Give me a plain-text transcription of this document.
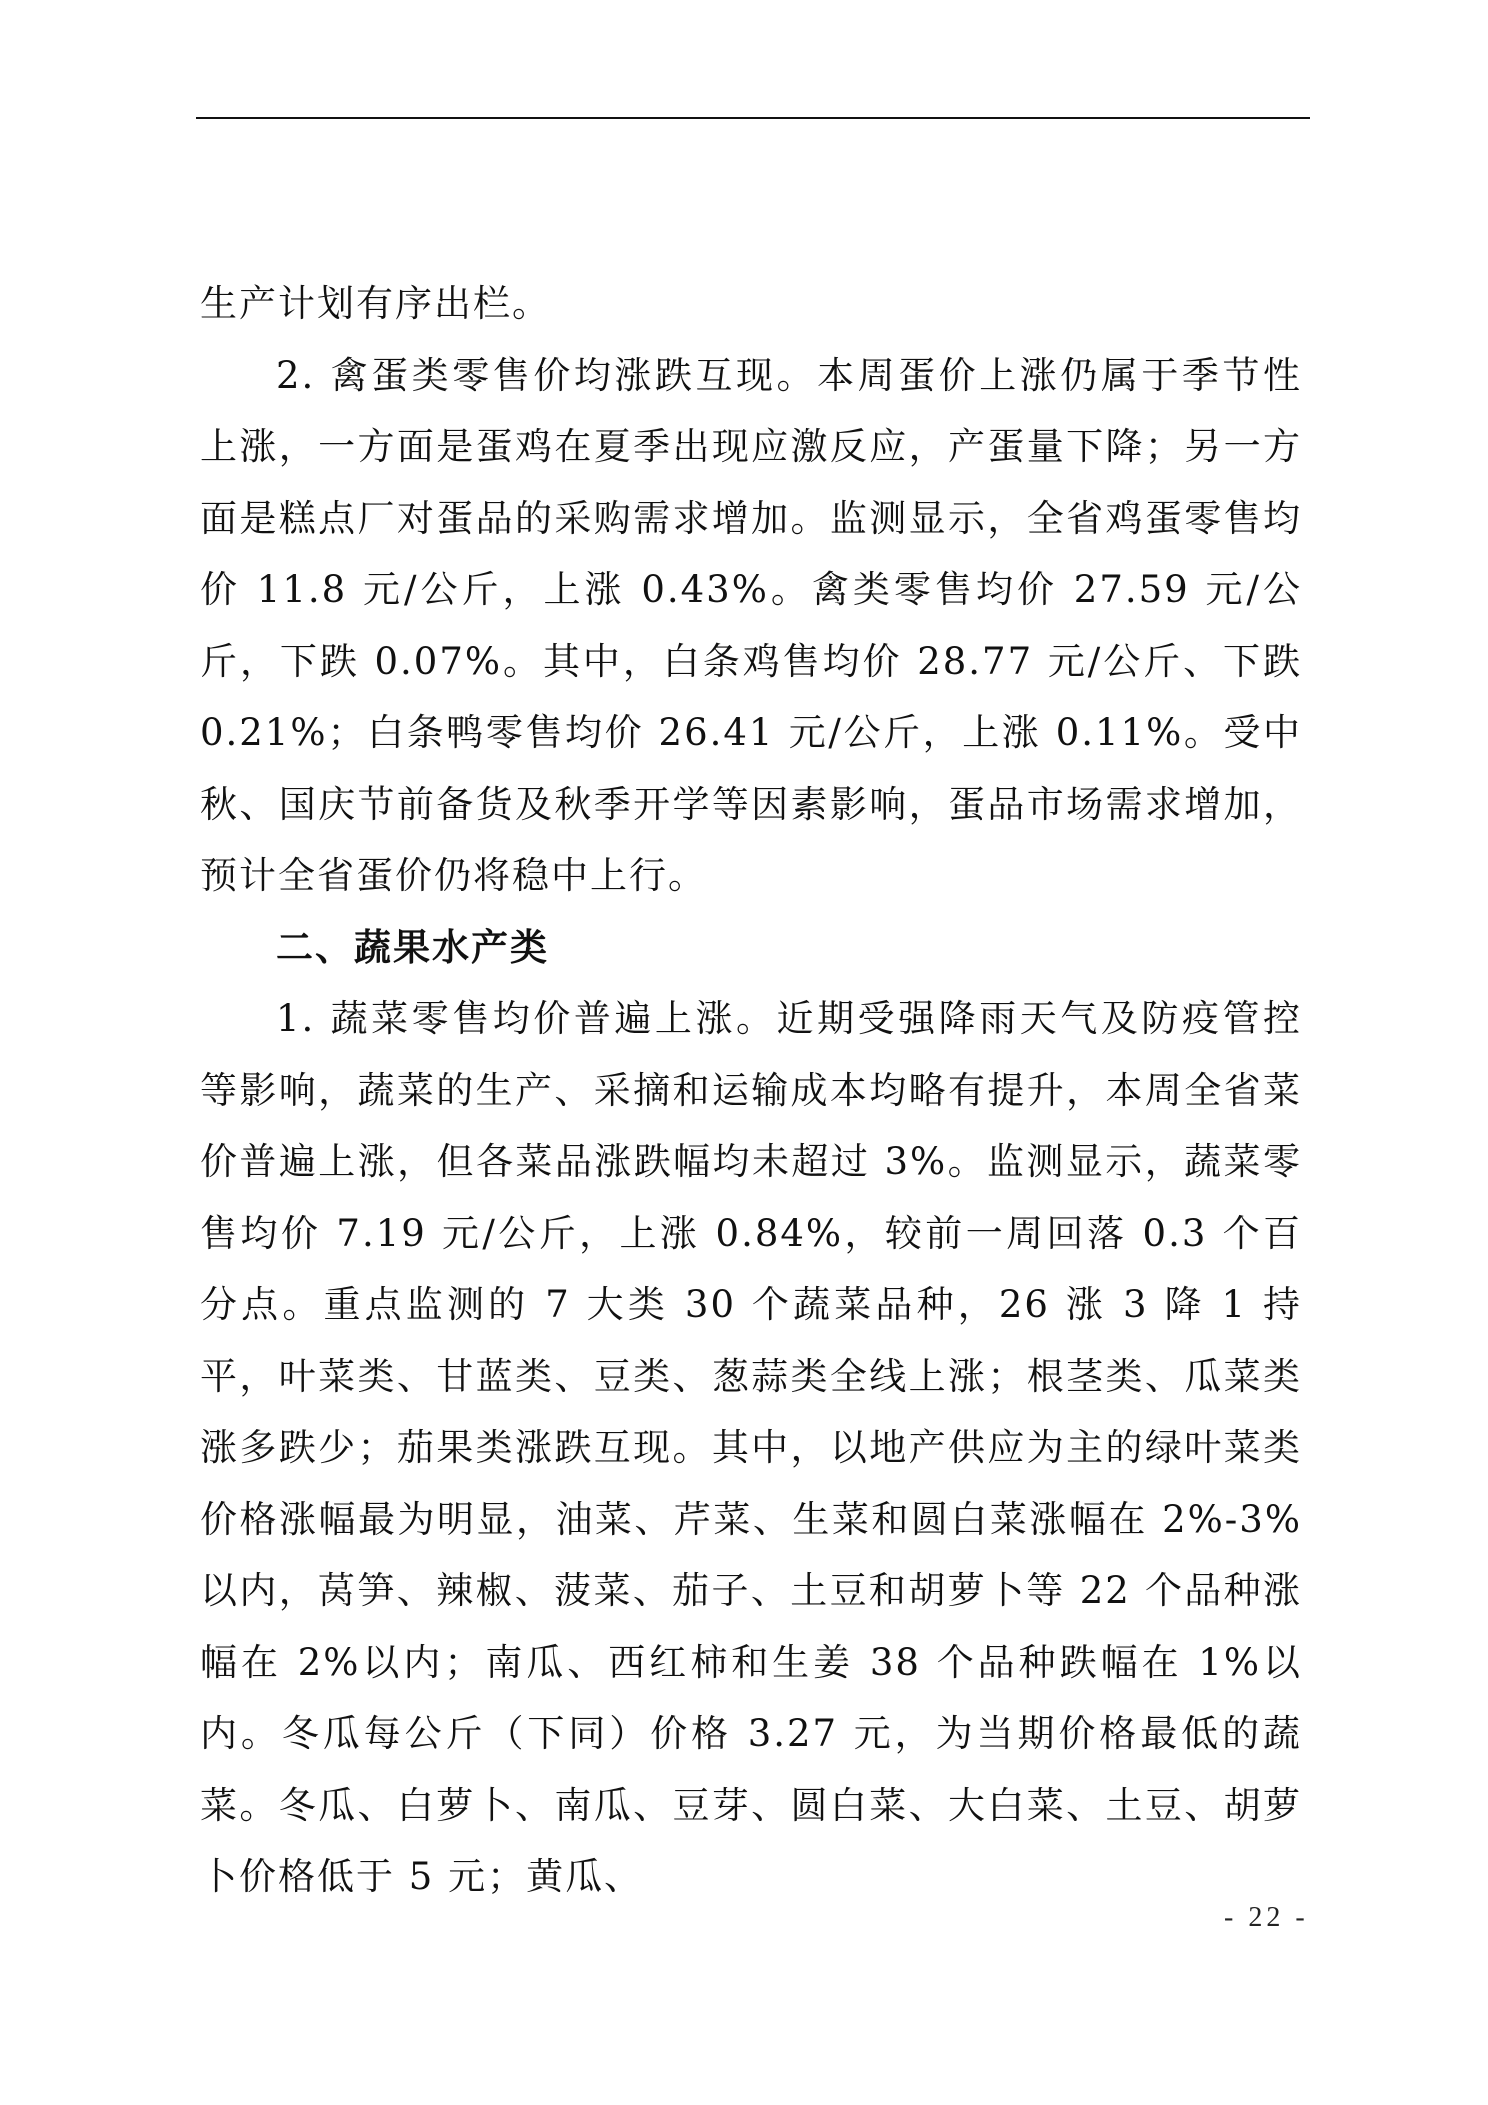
生产计划有序出栏。

2. 禽蛋类零售价均涨跌互现。本周蛋价上涨仍属于季节性上涨，一方面是蛋鸡在夏季出现应激反应，产蛋量下降；另一方面是糕点厂对蛋品的采购需求增加。监测显示，全省鸡蛋零售均价 11.8 元/公斤，上涨 0.43%。禽类零售均价 27.59 元/公斤，下跌 0.07%。其中，白条鸡售均价 28.77 元/公斤、下跌 0.21%；白条鸭零售均价 26.41 元/公斤，上涨 0.11%。受中秋、国庆节前备货及秋季开学等因素影响，蛋品市场需求增加，预计全省蛋价仍将稳中上行。

二、蔬果水产类

1. 蔬菜零售均价普遍上涨。近期受强降雨天气及防疫管控等影响，蔬菜的生产、采摘和运输成本均略有提升，本周全省菜价普遍上涨，但各菜品涨跌幅均未超过 3%。监测显示，蔬菜零售均价 7.19 元/公斤，上涨 0.84%，较前一周回落 0.3 个百分点。重点监测的 7 大类 30 个蔬菜品种，26 涨 3 降 1 持平，叶菜类、甘蓝类、豆类、葱蒜类全线上涨；根茎类、瓜菜类涨多跌少；茄果类涨跌互现。其中，以地产供应为主的绿叶菜类价格涨幅最为明显，油菜、芹菜、生菜和圆白菜涨幅在 2%-3%以内，莴笋、辣椒、菠菜、茄子、土豆和胡萝卜等 22 个品种涨幅在 2%以内；南瓜、西红柿和生姜 38 个品种跌幅在 1%以内。冬瓜每公斤（下同）价格 3.27 元，为当期价格最低的蔬菜。冬瓜、白萝卜、南瓜、豆芽、圆白菜、大白菜、土豆、胡萝卜价格低于 5 元；黄瓜、

- 22 -
